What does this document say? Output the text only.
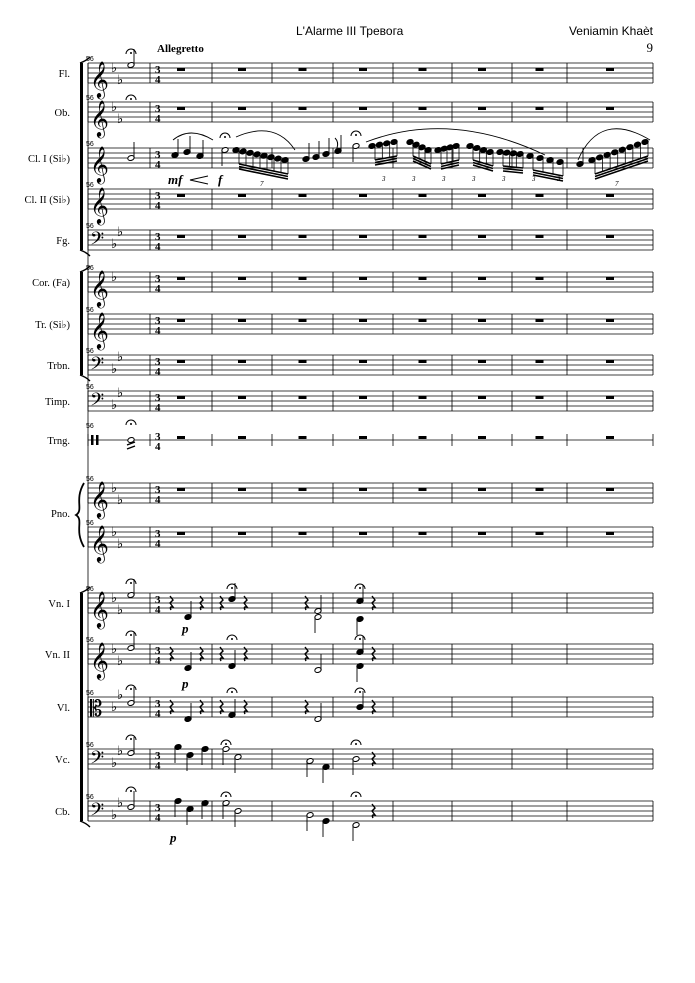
L'Alarme III Тревога	Veniamin Khaèt
9
Allegretto
Fl. 𝄞 ♭
♭
3
4
56
Ob. 𝄞 ♭
♭
3
4
56
Cl. I (Si♭) 𝄞	3
4
56
Cl. II (Si♭) 𝄞	3
4
56
Fg. 𝄢 ♭
♭	3
4
56
Cor. (Fa) 𝄞 ♭	3
4
56
Tr. (Si♭) 𝄞	3
4
56
Trbn. 𝄢 ♭
♭	3
4
56
Timp. 𝄢 ♭
♭	3
4
56
Trng.	3
4
56
Pno. 𝄞 ♭
♭
3
4
56
𝄞 ♭
♭
3
4
56
Vn. I 𝄞 ♭
♭
3
4
56
Vn. II 𝄞 ♭
♭
3
4
56
Vl. 𝄡 ♭
♭
3
4
56
Vc. 𝄢 ♭
♭	3
4
56
Cb. 𝄢 ♭
♭	3
4
56
mf	f	7
3	3	3	3	3	3	3
7
p
p
p
